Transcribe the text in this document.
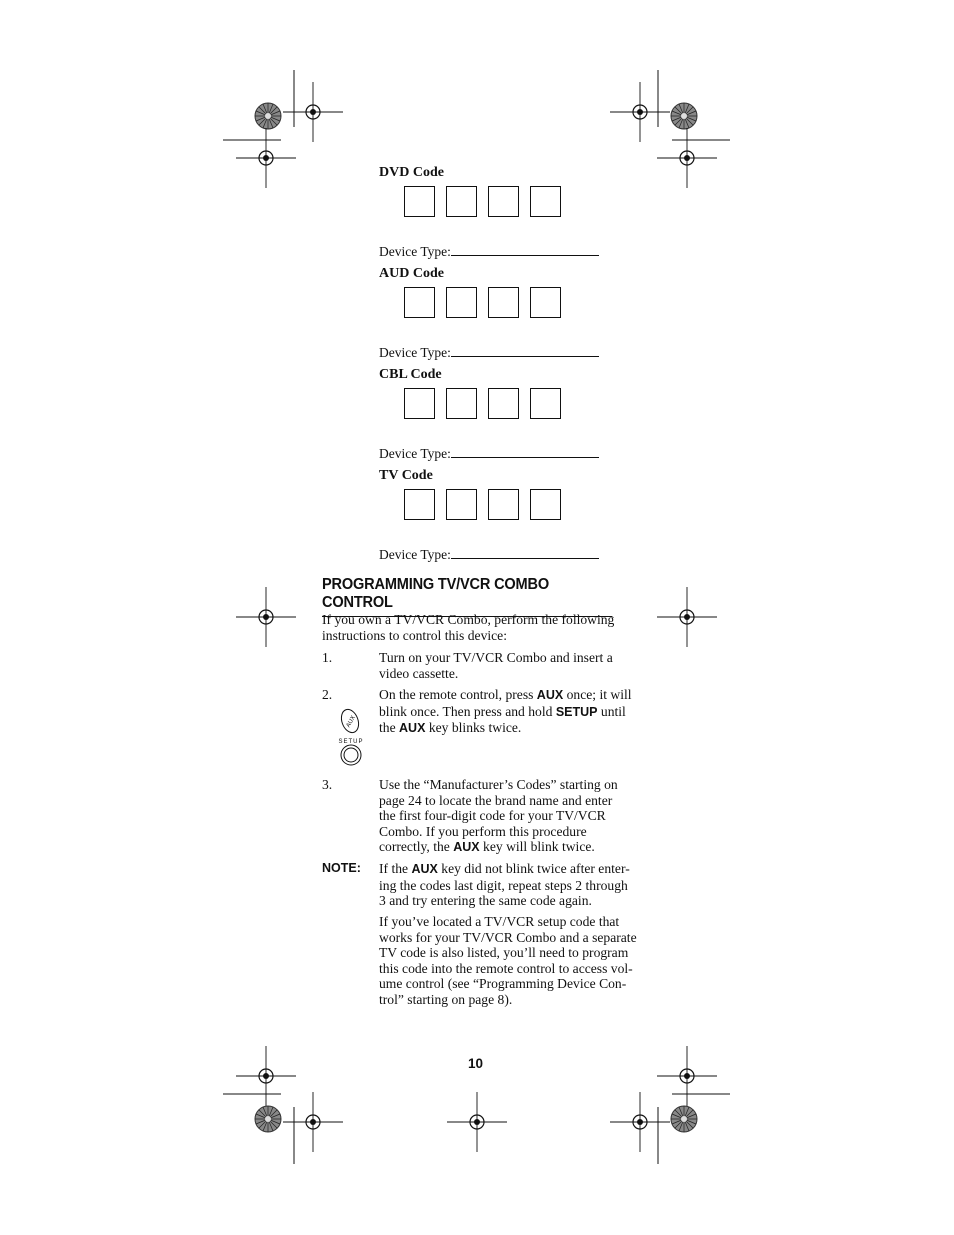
DVD Code
Device Type:
AUD Code
Device Type:
CBL Code
Device Type:
TV Code
Device Type:
PROGRAMMING TV/VCR COMBO CONTROL
If you own a TV/VCR Combo, perform the following
instructions to control this device:
1.	Turn on your TV/VCR Combo and insert a
video cassette.
2.	On the remote control, press AUX once; it will
blink once. Then press and hold SETUP until
the AUX key blinks twice.
AUX
SETUP
3.	Use the “Manufacturer’s Codes” starting on
page 24 to locate the brand name and enter
the first four-digit code for your TV/VCR
Combo. If you perform this procedure
correctly, the AUX key will blink twice.
NOTE: If the AUX key did not blink twice after enter-
ing the codes last digit, repeat steps 2 through
3 and try entering the same code again.
If you’ve located a TV/VCR setup code that
works for your TV/VCR Combo and a separate
TV code is also listed, you’ll need to program
this code into the remote control to access vol-
ume control (see “Programming Device Con-
trol” starting on page 8).
10
